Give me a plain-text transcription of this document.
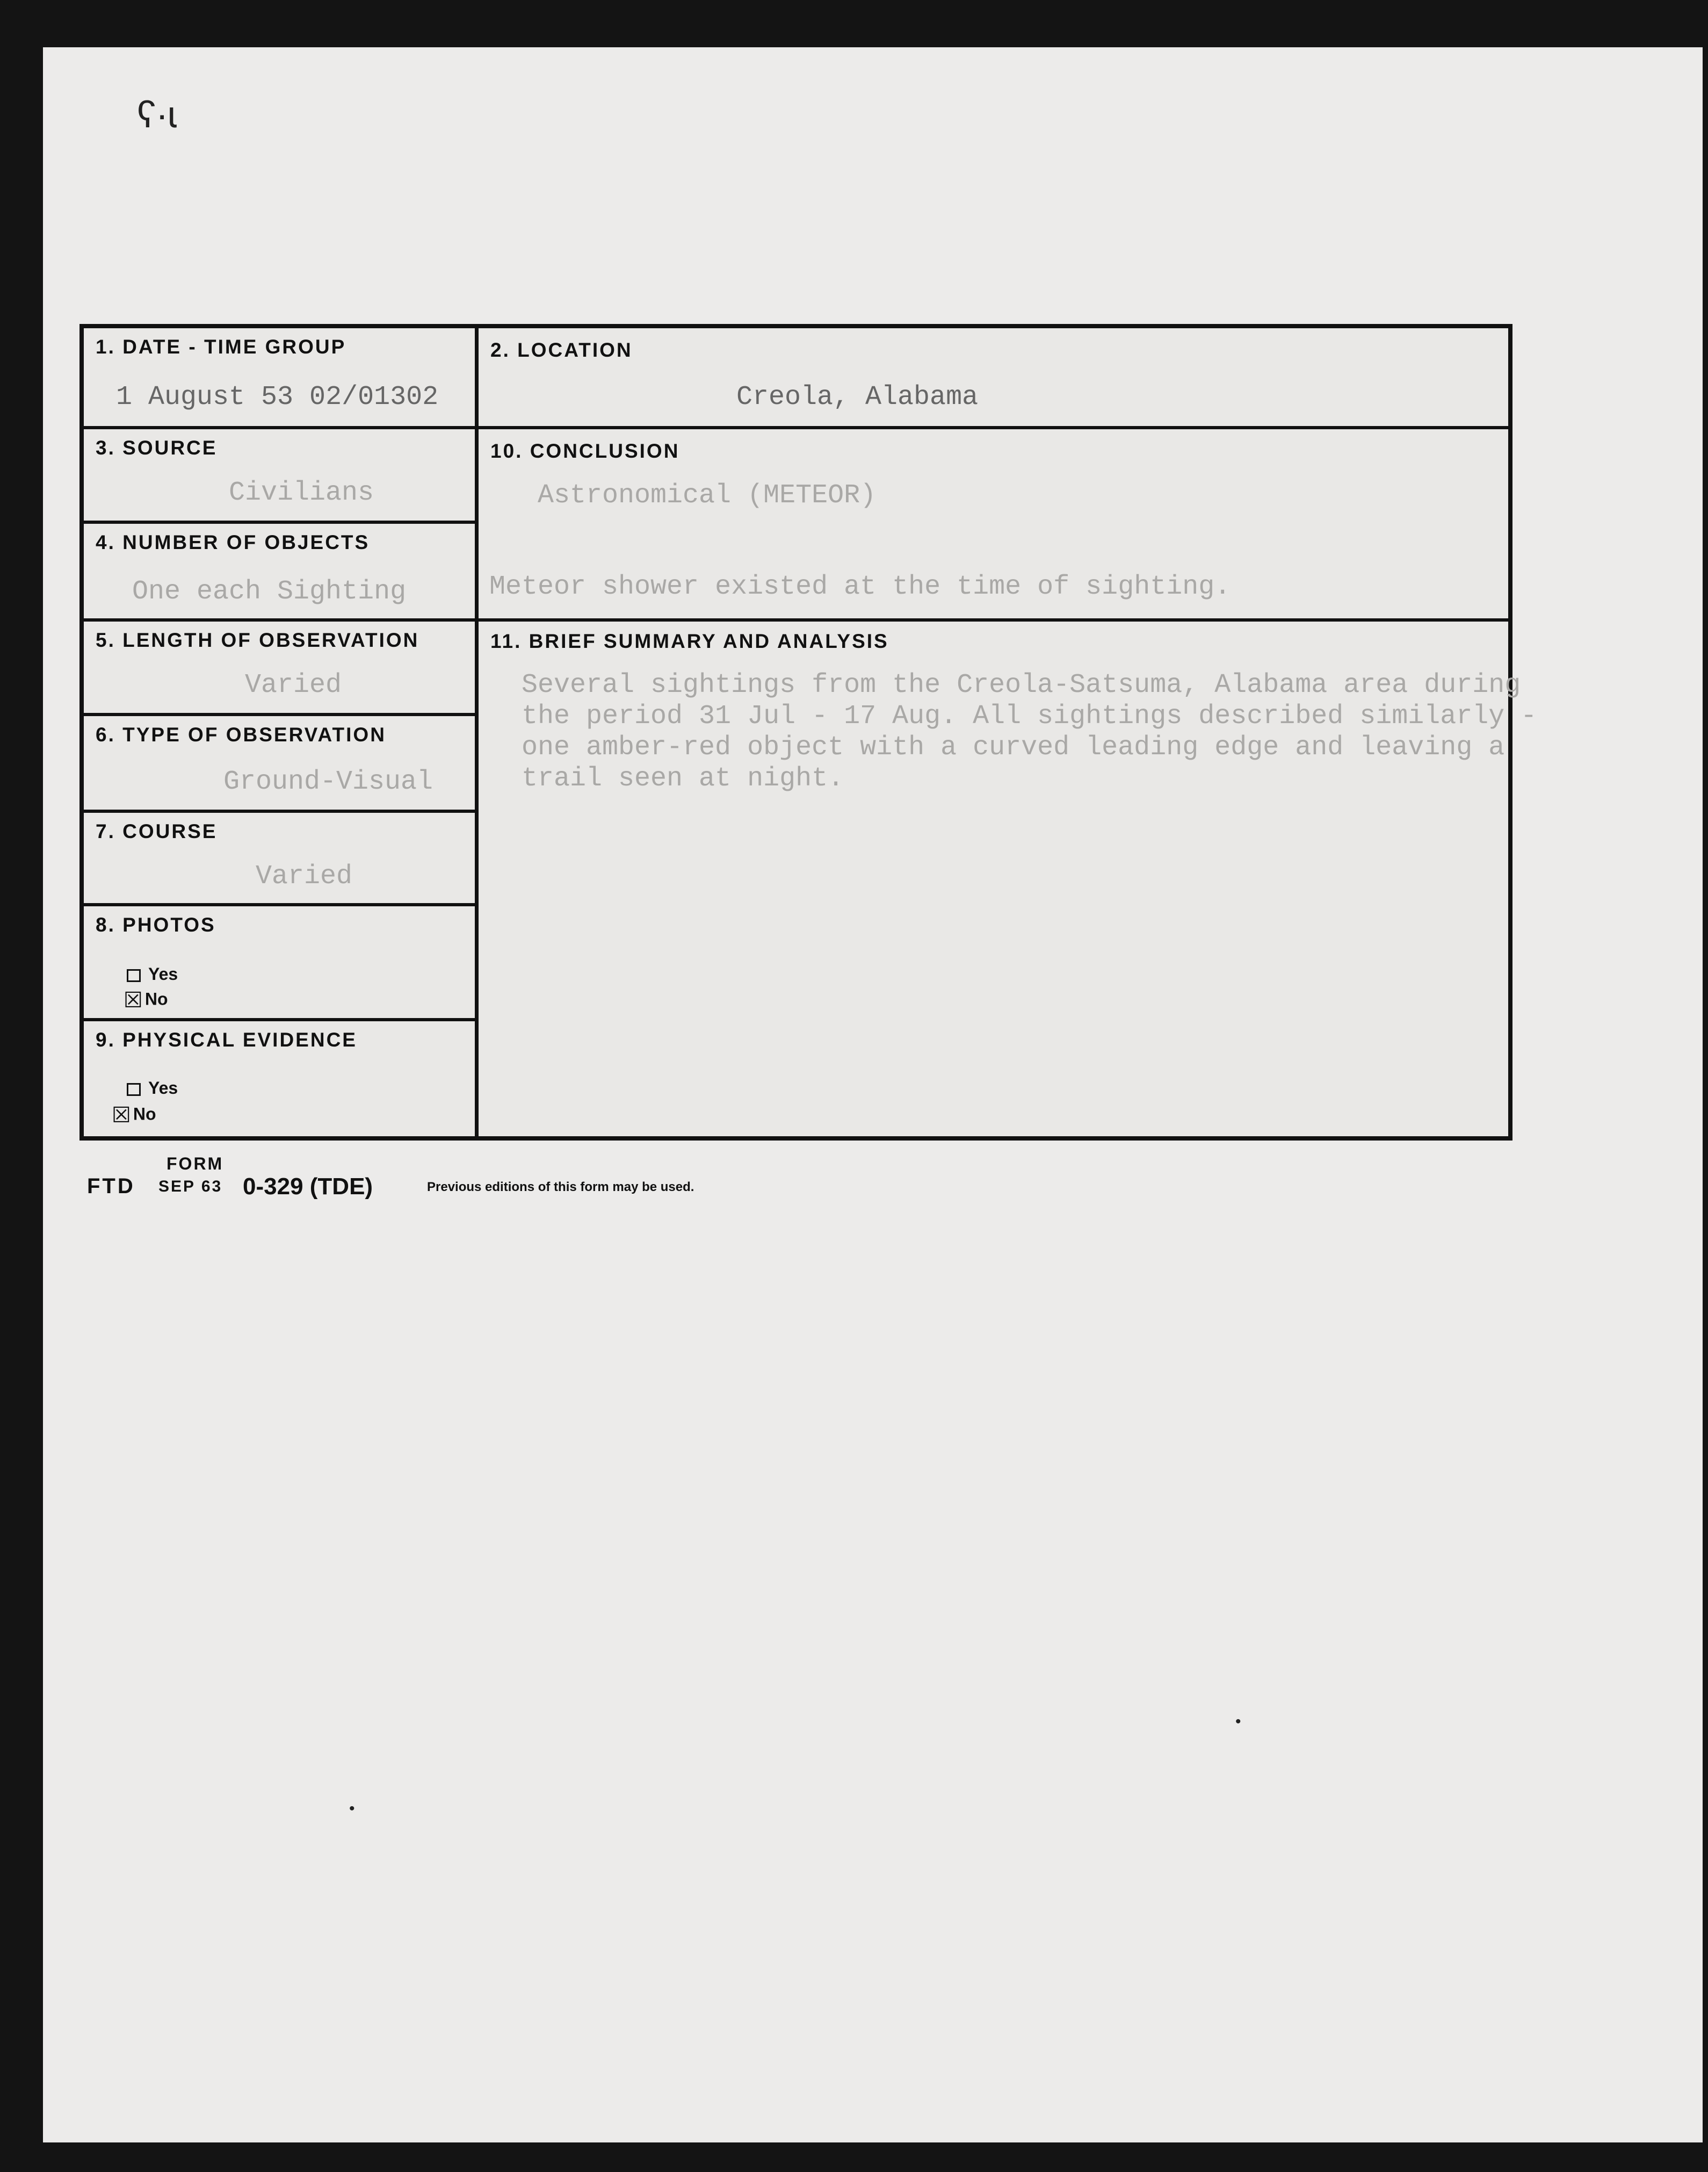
ʕ·ɩ
1. DATE - TIME GROUP
1 August 53 02/01302
2. LOCATION
Creola, Alabama
3. SOURCE
Civilians
10. CONCLUSION
Astronomical (METEOR)
Meteor shower existed at the time of sighting.
4. NUMBER OF OBJECTS
One each Sighting
5. LENGTH OF OBSERVATION
Varied
11. BRIEF SUMMARY AND ANALYSIS
Several sightings from the Creola-Satsuma, Alabama area during
the period 31 Jul - 17 Aug. All sightings described similarly -
one amber-red object with a curved leading edge and leaving a
trail seen at night.
6. TYPE OF OBSERVATION
Ground-Visual
7. COURSE
Varied
8. PHOTOS
Yes
☒ No
9. PHYSICAL EVIDENCE
Yes
☒ No
FORM
FTD SEP 63 0-329 (TDE)	Previous editions of this form may be used.
•
•
